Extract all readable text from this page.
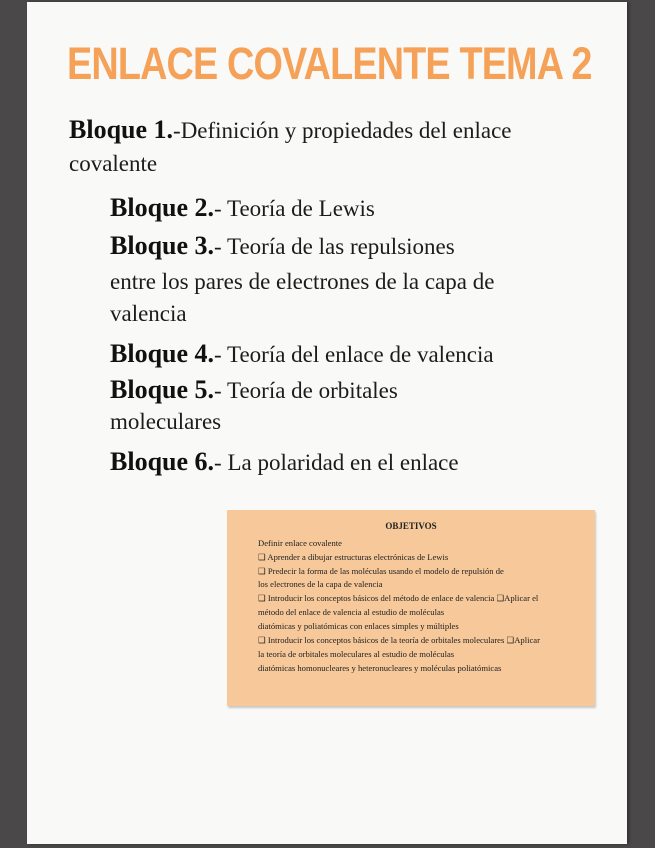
ENLACE COVALENTE TEMA 2

Bloque 1.-Definición y propiedades del enlace

covalente

Bloque 2.- Teoría de Lewis

Bloque 3.- Teoría de las repulsiones

entre los pares de electrones de la capa de

valencia

Bloque 4.- Teoría del enlace de valencia

Bloque 5.- Teoría de orbitales

moleculares

Bloque 6.- La polaridad en el enlace

OBJETIVOS

Definir enlace covalente

❑ Aprender a dibujar estructuras electrónicas de Lewis

❑ Predecir la forma de las moléculas usando el modelo de repulsión de

los electrones de la capa de valencia

❑ Introducir los conceptos básicos del método de enlace de valencia ❑Aplicar el

método del enlace de valencia al estudio de moléculas

diatómicas y poliatómicas con enlaces simples y múltiples

❑ Introducir los conceptos básicos de la teoría de orbitales moleculares ❑Aplicar

la teoría de orbitales moleculares al estudio de moléculas

diatómicas homonucleares y heteronucleares y moléculas poliatómicas
